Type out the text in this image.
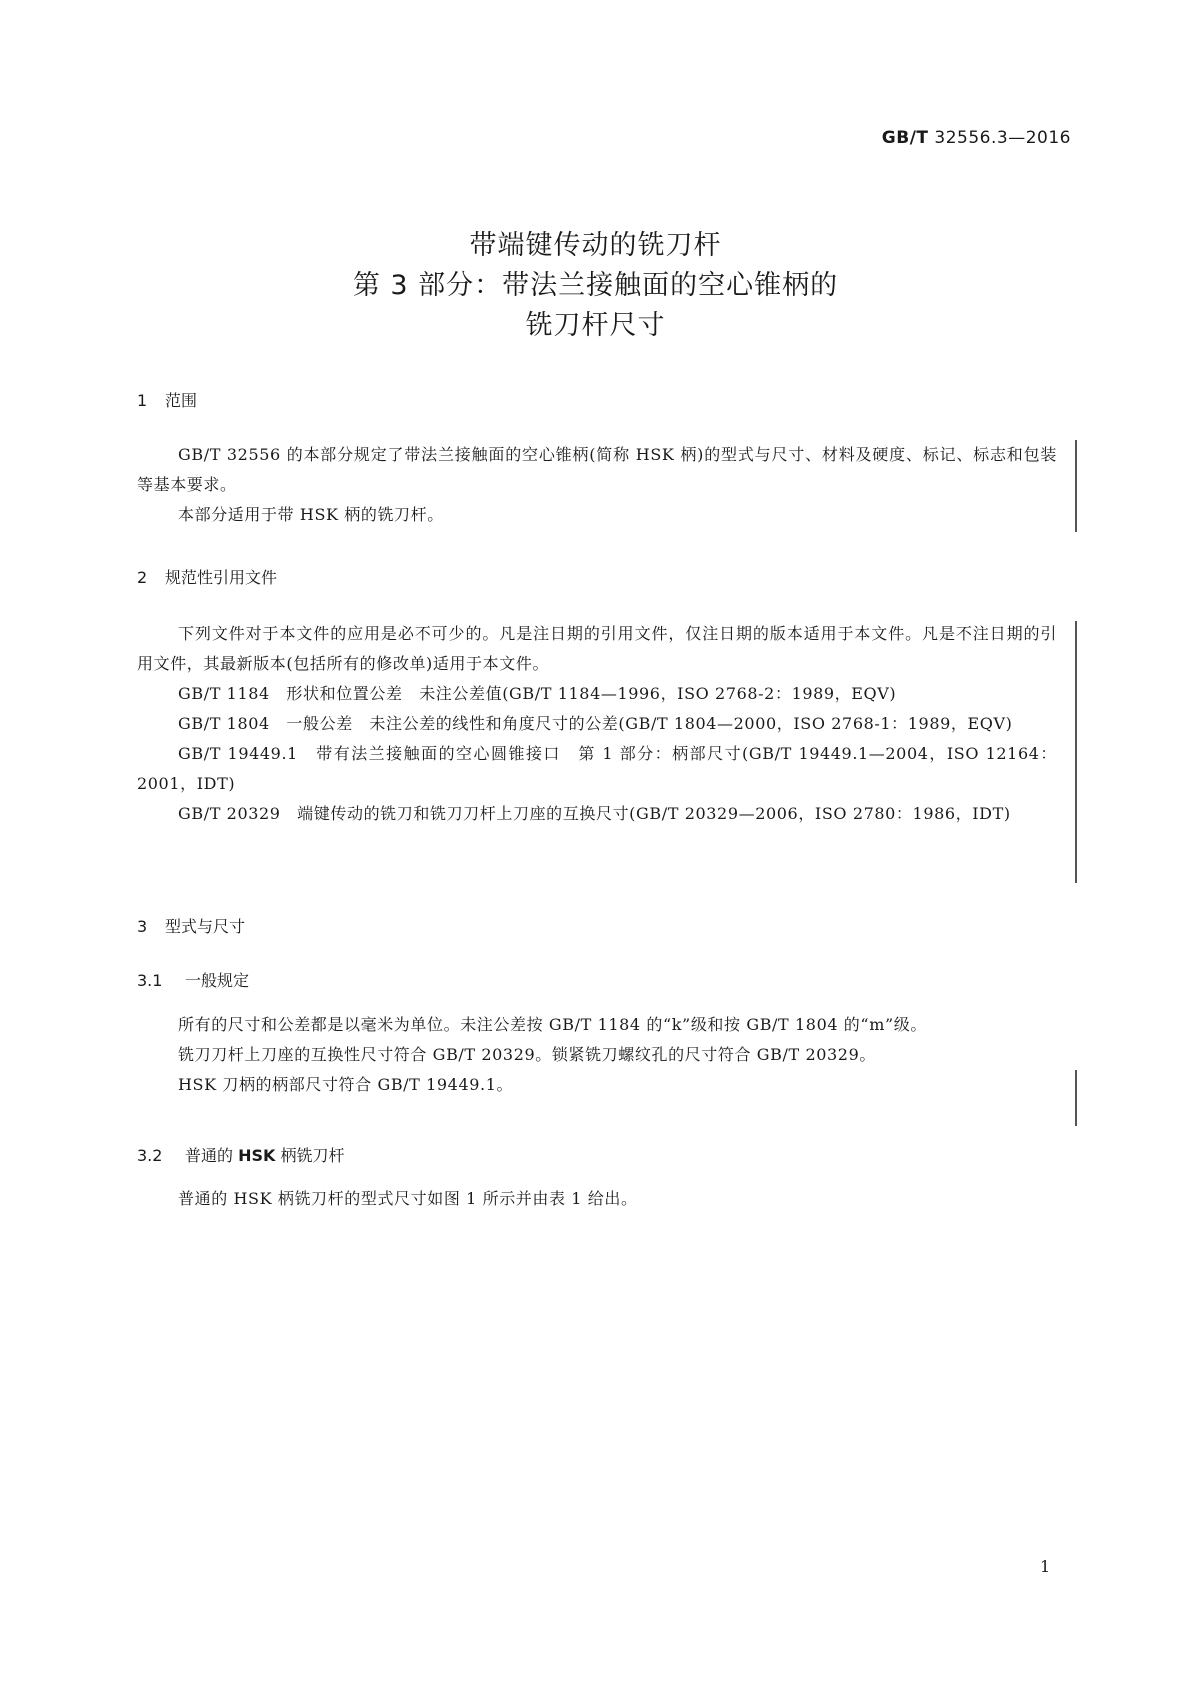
GB/T 32556.3—2016
带端键传动的铣刀杆
第 3 部分：带法兰接触面的空心锥柄的
铣刀杆尺寸
1 范围

GB/T 32556 的本部分规定了带法兰接触面的空心锥柄(简称 HSK 柄)的型式与尺寸、材料及硬度、标记、标志和包装等基本要求。

本部分适用于带 HSK 柄的铣刀杆。

2 规范性引用文件

下列文件对于本文件的应用是必不可少的。凡是注日期的引用文件，仅注日期的版本适用于本文件。凡是不注日期的引用文件，其最新版本(包括所有的修改单)适用于本文件。

GB/T 1184　形状和位置公差　未注公差值(GB/T 1184—1996，ISO 2768-2：1989，EQV)

GB/T 1804　一般公差　未注公差的线性和角度尺寸的公差(GB/T 1804—2000，ISO 2768-1：1989，EQV)

GB/T 19449.1　带有法兰接触面的空心圆锥接口　第 1 部分：柄部尺寸(GB/T 19449.1—2004，ISO 12164：2001，IDT)

GB/T 20329　端键传动的铣刀和铣刀刀杆上刀座的互换尺寸(GB/T 20329—2006，ISO 2780：1986，IDT)

3 型式与尺寸
3.1 一般规定

所有的尺寸和公差都是以毫米为单位。未注公差按 GB/T 1184 的“k”级和按 GB/T 1804 的“m”级。

铣刀刀杆上刀座的互换性尺寸符合 GB/T 20329。锁紧铣刀螺纹孔的尺寸符合 GB/T 20329。

HSK 刀柄的柄部尺寸符合 GB/T 19449.1。

3.2 普通的 HSK 柄铣刀杆

普通的 HSK 柄铣刀杆的型式尺寸如图 1 所示并由表 1 给出。

1
